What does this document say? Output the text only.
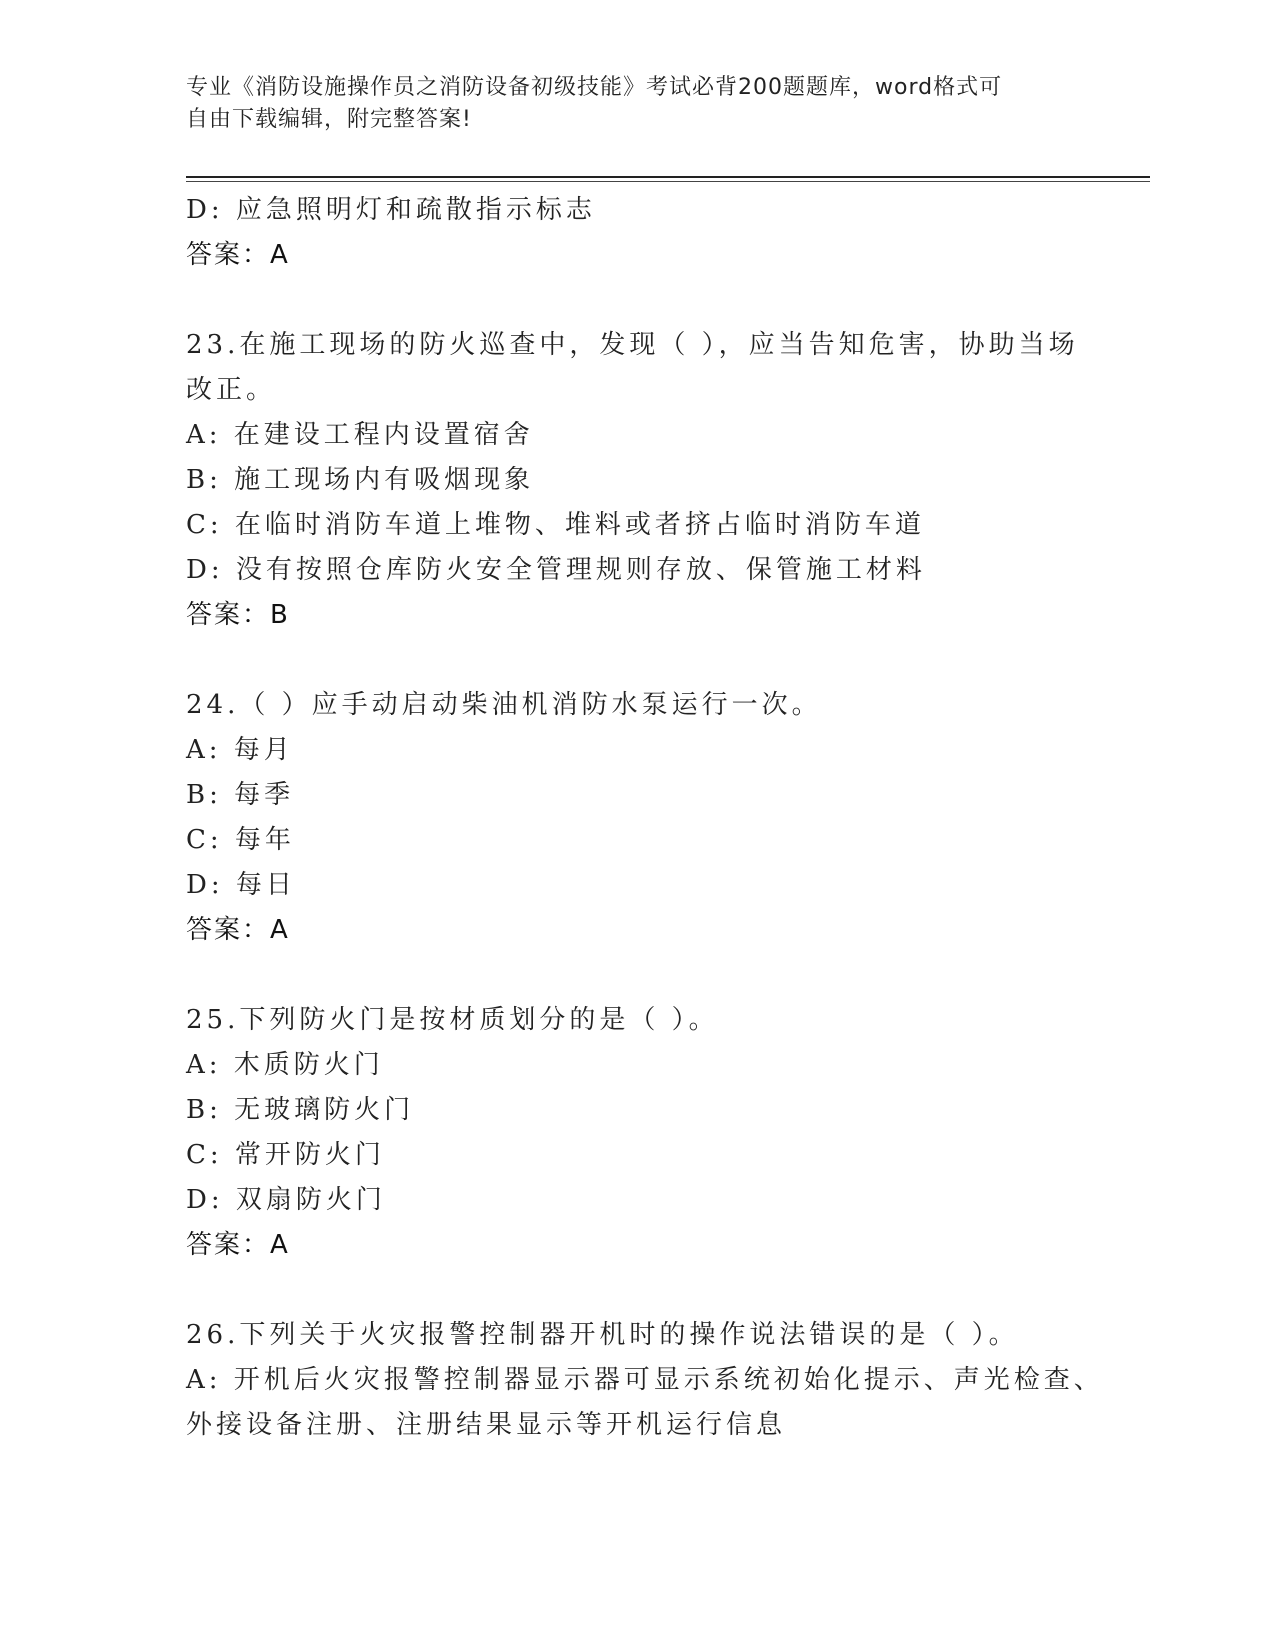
专业《消防设施操作员之消防设备初级技能》考试必背200题题库，word格式可
自由下载编辑，附完整答案!
D: 应急照明灯和疏散指示标志
答案：A
23.在施工现场的防火巡查中，发现（ ），应当告知危害，协助当场
改正。
A: 在建设工程内设置宿舍
B: 施工现场内有吸烟现象
C: 在临时消防车道上堆物、堆料或者挤占临时消防车道
D: 没有按照仓库防火安全管理规则存放、保管施工材料
答案：B
24.（ ）应手动启动柴油机消防水泵运行一次。
A: 每月
B: 每季
C: 每年
D: 每日
答案：A
25.下列防火门是按材质划分的是（ ）。
A: 木质防火门
B: 无玻璃防火门
C: 常开防火门
D: 双扇防火门
答案：A
26.下列关于火灾报警控制器开机时的操作说法错误的是（ ）。
A: 开机后火灾报警控制器显示器可显示系统初始化提示、声光检查、
外接设备注册、注册结果显示等开机运行信息
